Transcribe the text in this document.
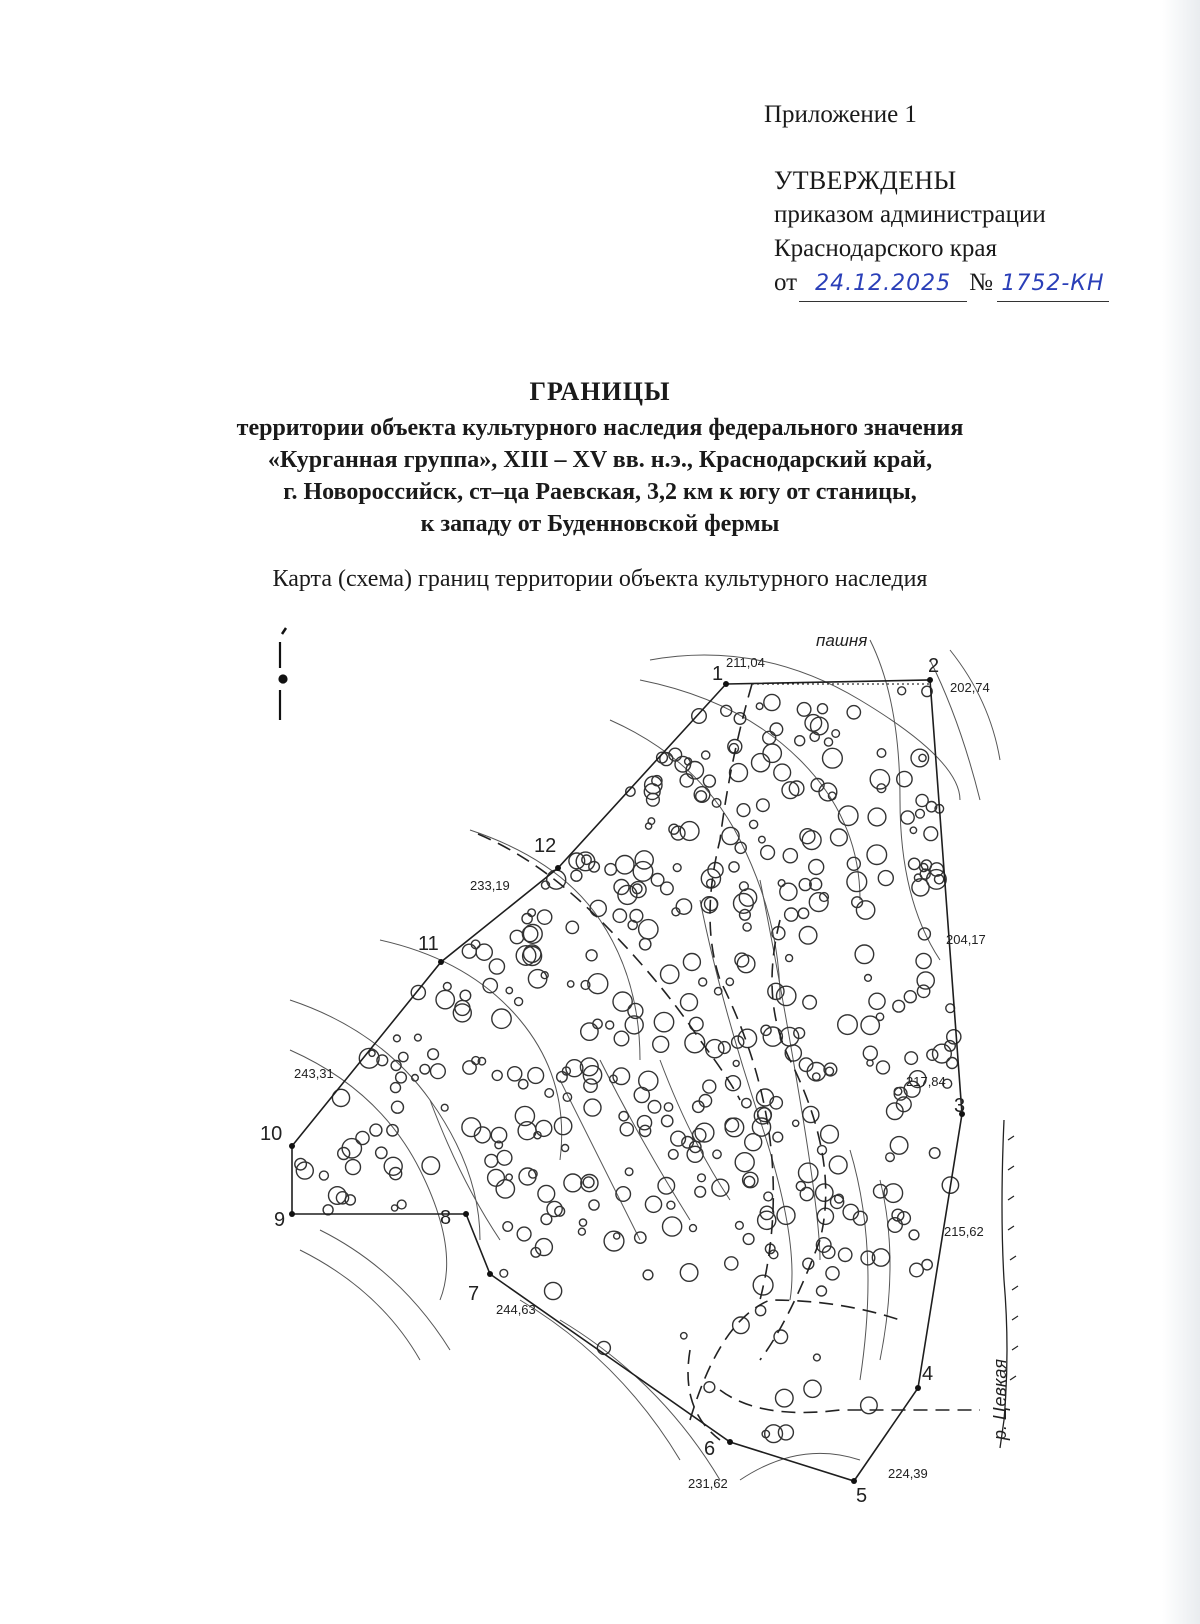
Приложение 1
УТВЕРЖДЕНЫ
приказом администрации
Краснодарского края
от 24.12.2025 № 1752-КН
ГРАНИЦЫ
территории объекта культурного наследия федерального значения
«Курганная группа», XIII – XV вв. н.э., Краснодарский край,
г. Новороссийск, ст–ца Раевская, 3,2 км к югу от станицы,
к западу от Буденновской фермы
Карта (схема) границ территории объекта культурного наследия
1	2
3
4
5
6
7
8
9
10
11
12
211,04
202,74
204,17
217,84
215,62
224,39
231,62
244,63
243,31
233,19
пашня
р. Цевкая
